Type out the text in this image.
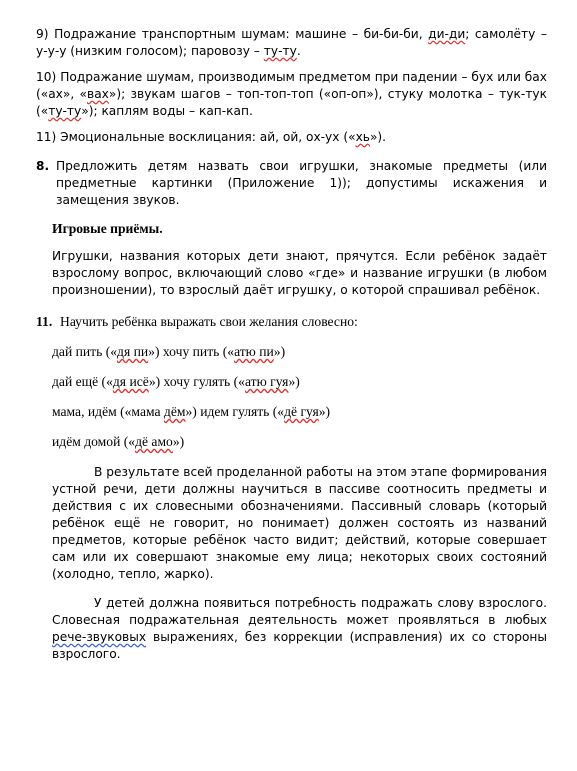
9) Подражание транспортным шумам: машине – би-би-би, ди-ди; самолёту – у-у-у (низким голосом); паровозу – ту-ту.

10) Подражание шумам, производимым предметом при падении – бух или бах («ах», «вах»); звукам шагов – топ-топ-топ («оп-оп»), стуку молотка – тук-тук («ту-ту»); каплям воды – кап-кап.

11) Эмоциональные восклицания: ай, ой, ох-ух («хь»).

8. Предложить детям назвать свои игрушки, знакомые предметы (или предметные картинки (Приложение 1)); допустимы искажения и замещения звуков.

Игровые приёмы.

Игрушки, названия которых дети знают, прячутся. Если ребёнок задаёт взрослому вопрос, включающий слово «где» и название игрушки (в любом произношении), то взрослый даёт игрушку, о которой спрашивал ребёнок.

11. Научить ребёнка выражать свои желания словесно:

дай пить («дя пи») хочу пить («атю пи»)

дай ещё («дя исё») хочу гулять («атю гуя»)

мама, идём («мама дём») идем гулять («дё гуя»)

идём домой («дё амо»)

В результате всей проделанной работы на этом этапе формирования устной речи, дети должны научиться в пассиве соотносить предметы и действия с их словесными обозначениями. Пассивный словарь (который ребёнок ещё не говорит, но понимает) должен состоять из названий предметов, которые ребёнок часто видит; действий, которые совершает сам или их совершают знакомые ему лица; некоторых своих состояний (холодно, тепло, жарко).

У детей должна появиться потребность подражать слову взрослого. Словесная подражательная деятельность может проявляться в любых рече-звуковых выражениях, без коррекции (исправления) их со стороны взрослого.
